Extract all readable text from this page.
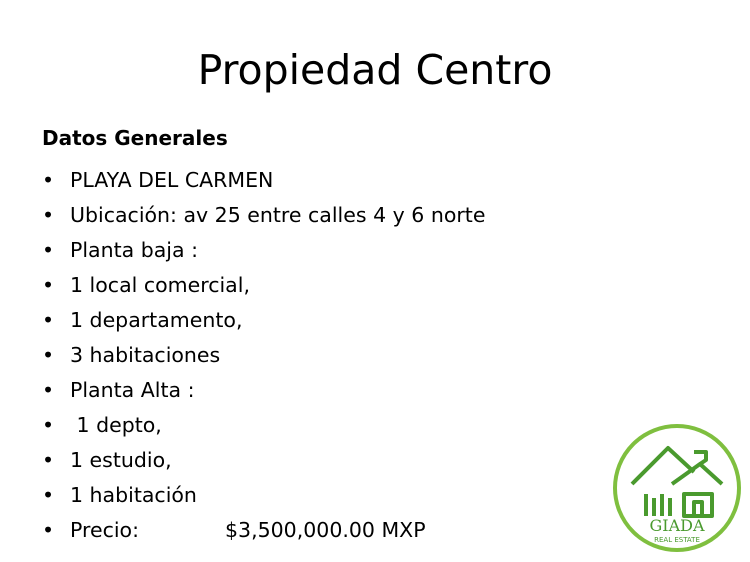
Propiedad Centro
Datos Generales
• PLAYA DEL CARMEN
• Ubicación: av 25 entre calles 4 y 6 norte
• Planta baja :
• 1 local comercial,
• 1 departamento,
• 3 habitaciones
• Planta Alta :
• 1 depto,
• 1 estudio,
• 1 habitación
• Precio:	$3,500,000.00 MXP	GIADA
REAL ESTATE
